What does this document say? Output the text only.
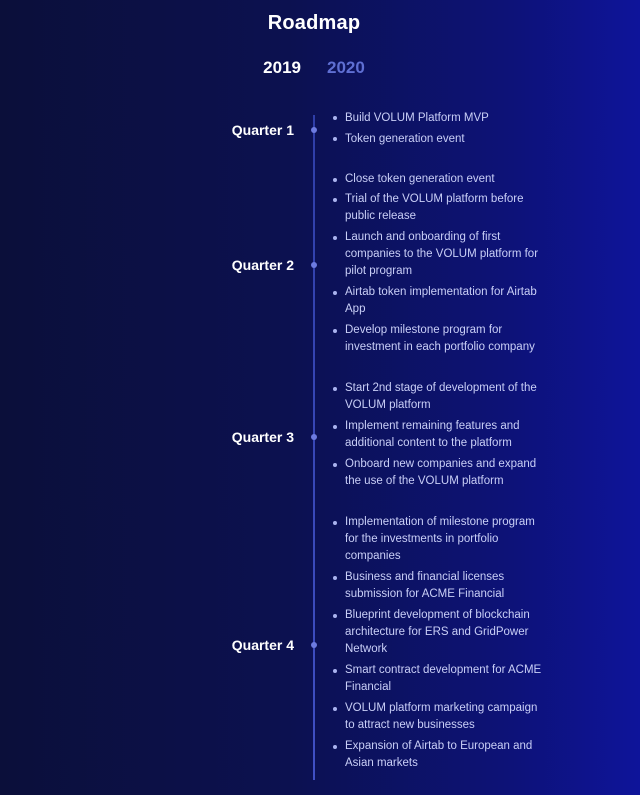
Roadmap
2019 2020
Quarter 1
Build VOLUM Platform MVP
Token generation event
Quarter 2
Close token generation event
Trial of the VOLUM platform before public release
Launch and onboarding of first companies to the VOLUM platform for pilot program
Airtab token implementation for Airtab App
Develop milestone program for investment in each portfolio company
Quarter 3
Start 2nd stage of development of the VOLUM platform
Implement remaining features and additional content to the platform
Onboard new companies and expand the use of the VOLUM platform
Quarter 4
Implementation of milestone program for the investments in portfolio companies
Business and financial licenses submission for ACME Financial
Blueprint development of blockchain architecture for ERS and GridPower Network
Smart contract development for ACME Financial
VOLUM platform marketing campaign to attract new businesses
Expansion of Airtab to European and Asian markets
